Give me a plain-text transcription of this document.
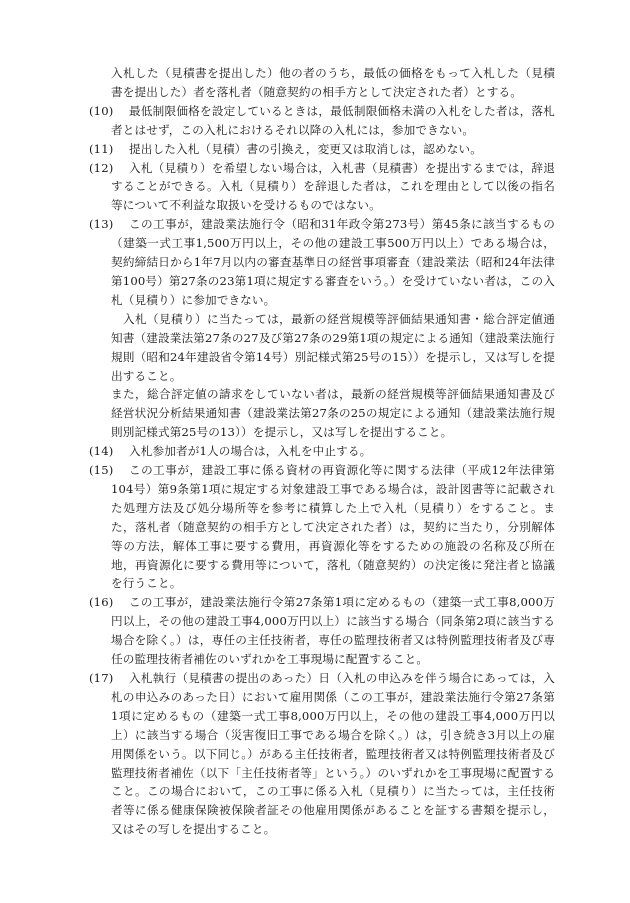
入札した（見積書を提出した）他の者のうち，最低の価格をもって入札した（見積書を提出した）者を落札者（随意契約の相手方として決定された者）とする。

(10)	最低制限価格を設定しているときは，最低制限価格未満の入札をした者は，落札者とはせず，この入札におけるそれ以降の入札には，参加できない。

(11)	提出した入札（見積）書の引換え，変更又は取消しは，認めない。

(12)	入札（見積り）を希望しない場合は，入札書（見積書）を提出するまでは，辞退することができる。入札（見積り）を辞退した者は，これを理由として以後の指名等について不利益な取扱いを受けるものではない。

(13)	この工事が，建設業法施行令（昭和31年政令第273号）第45条に該当するもの（建築一式工事1,500万円以上，その他の建設工事500万円以上）である場合は，契約締結日から1年7月以内の審査基準日の経営事項審査（建設業法（昭和24年法律第100号）第27条の23第1項に規定する審査をいう。）を受けていない者は，この入札（見積り）に参加できない。

入札（見積り）に当たっては，最新の経営規模等評価結果通知書・総合評定値通知書（建設業法第27条の27及び第27条の29第1項の規定による通知（建設業法施行規則（昭和24年建設省令第14号）別記様式第25号の15））を提示し，又は写しを提出すること。

また，総合評定値の請求をしていない者は，最新の経営規模等評価結果通知書及び経営状況分析結果通知書（建設業法第27条の25の規定による通知（建設業法施行規則別記様式第25号の13））を提示し，又は写しを提出すること。

(14)	入札参加者が1人の場合は，入札を中止する。

(15)	この工事が，建設工事に係る資材の再資源化等に関する法律（平成12年法律第104号）第9条第1項に規定する対象建設工事である場合は，設計図書等に記載された処理方法及び処分場所等を参考に積算した上で入札（見積り）をすること。また，落札者（随意契約の相手方として決定された者）は，契約に当たり，分別解体等の方法，解体工事に要する費用，再資源化等をするための施設の名称及び所在地，再資源化に要する費用等について，落札（随意契約）の決定後に発注者と協議を行うこと。

(16)	この工事が，建設業法施行令第27条第1項に定めるもの（建築一式工事8,000万円以上，その他の建設工事4,000万円以上）に該当する場合（同条第2項に該当する場合を除く。）は，専任の主任技術者，専任の監理技術者又は特例監理技術者及び専任の監理技術者補佐のいずれかを工事現場に配置すること。

(17)	入札執行（見積書の提出のあった）日（入札の申込みを伴う場合にあっては，入札の申込みのあった日）において雇用関係（この工事が，建設業法施行令第27条第1項に定めるもの（建築一式工事8,000万円以上，その他の建設工事4,000万円以上）に該当する場合（災害復旧工事である場合を除く。）は，引き続き3月以上の雇用関係をいう。以下同じ。）がある主任技術者，監理技術者又は特例監理技術者及び監理技術者補佐（以下「主任技術者等」という。）のいずれかを工事現場に配置すること。この場合において，この工事に係る入札（見積り）に当たっては，主任技術者等に係る健康保険被保険者証その他雇用関係があることを証する書類を提示し，又はその写しを提出すること。
